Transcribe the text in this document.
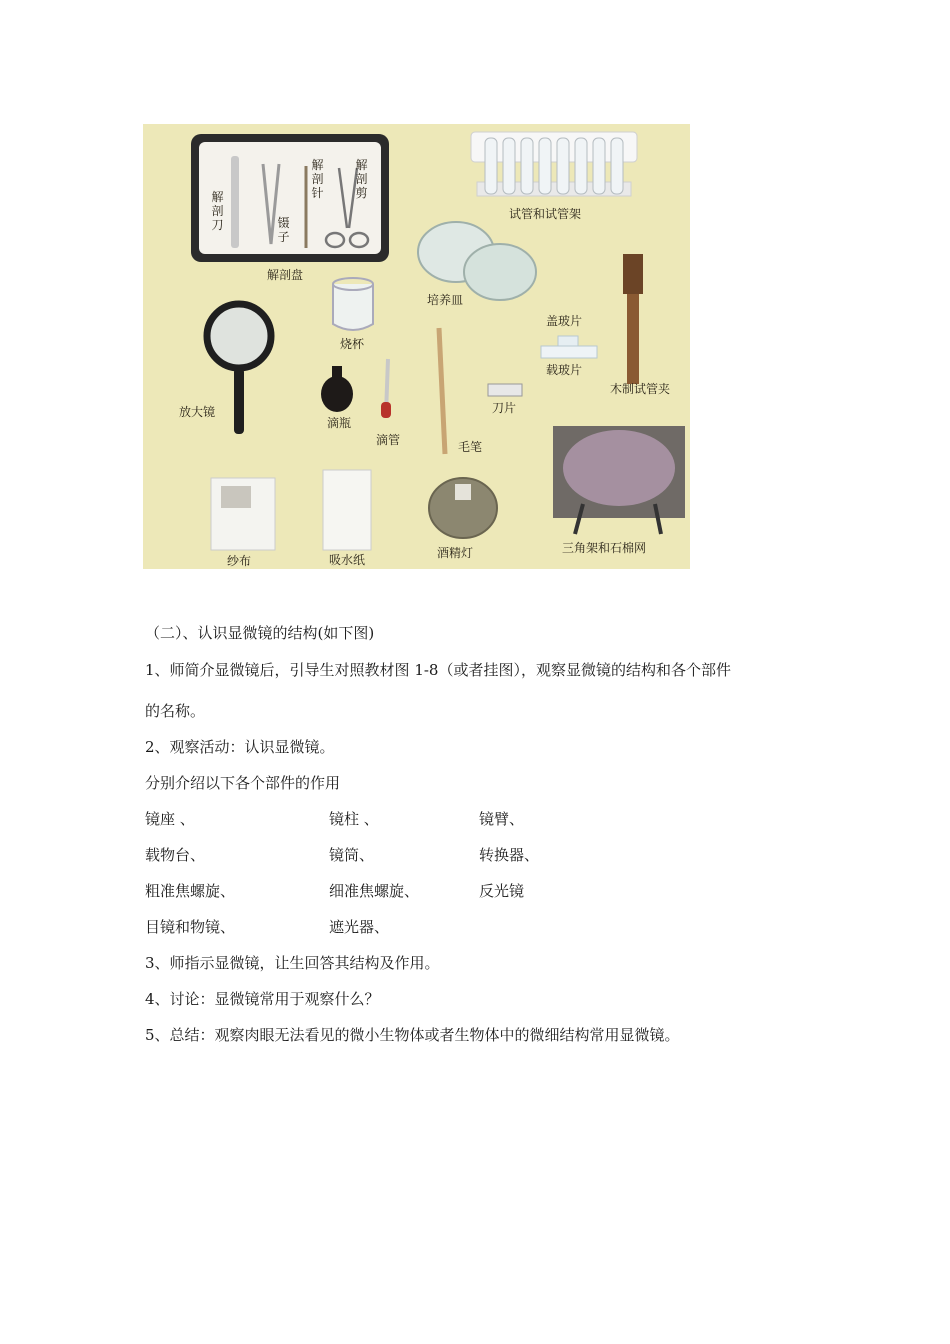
解剖刀	镊子
解剖针
解剖剪
解剖盘
试管和试管架
培养皿
烧杯
盖玻片
载玻片
木制试管夹
放大镜
滴瓶
滴管	毛笔
刀片
纱布	吸水纸	酒精灯	三角架和石棉网
（二）、认识显微镜的结构(如下图)
1、师简介显微镜后，引导生对照教材图 1-8（或者挂图），观察显微镜的结构和各个部件
的名称。
2、观察活动：认识显微镜。
分别介绍以下各个部件的作用
镜座 、	镜柱 、	镜臂、
载物台、	镜筒、	转换器、
粗准焦螺旋、	细准焦螺旋、	反光镜
目镜和物镜、	遮光器、
3、师指示显微镜，让生回答其结构及作用。
4、讨论：显微镜常用于观察什么？
5、总结：观察肉眼无法看见的微小生物体或者生物体中的微细结构常用显微镜。
